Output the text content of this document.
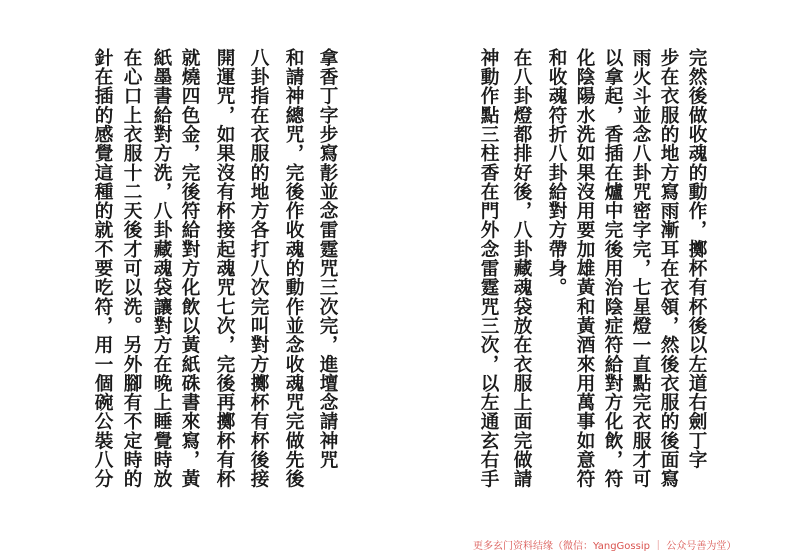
完然後做收魂的動作，擲杯有杯後以左道右劍丁字
步在衣服的地方寫雨漸耳在衣領，然後衣服的後面寫
雨火斗並念八卦咒密字完，七星燈一直點完衣服才可
以拿起，香插在爐中完後用治陰症符給對方化飲，符
化陰陽水洗如果沒用要加雄黃和黃酒來用萬事如意符
和收魂符折八卦給對方帶身。
在八卦燈都排好後，八卦藏魂袋放在衣服上面完做請
神動作點三柱香在門外念雷霆咒三次，以左通玄右手
拿香丁字步寫𩇕並念雷霆咒三次完，進壇念請神咒
和請神總咒，完後作收魂的動作並念收魂咒完做先後
八卦指在衣服的地方各打八次完叫對方擲杯有杯後接
開運咒，如果沒有杯接起魂咒七次，完後再擲杯有杯
就燒四色金，完後符給對方化飲以黃紙硃書來寫，黃
紙墨書給對方洗，八卦藏魂袋讓對方在晚上睡覺時放
在心口上衣服十二天後才可以洗。另外腳有不定時的
針在插的感覺這種的就不要吃符，用一個碗公裝八分
更多玄门资料结缘（微信：YangGossip ｜ 公众号善为堂）
